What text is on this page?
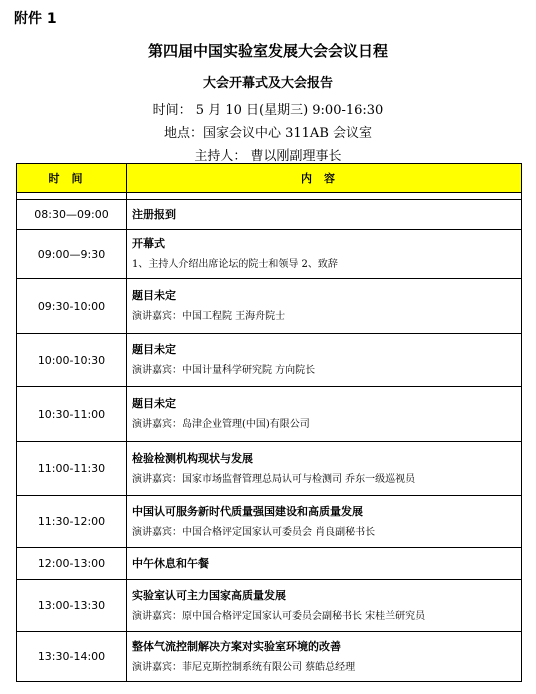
附件 1
第四届中国实验室发展大会会议日程
大会开幕式及大会报告
时间： 5 月 10 日(星期三) 9:00-16:30
地点：国家会议中心 311AB 会议室
主持人： 曹以刚副理事长
时间	内容

08:30—09:00	注册报到

09:00—9:30	开幕式
1、主持人介绍出席论坛的院士和领导 2、致辞

09:30-10:00	题目未定
演讲嘉宾：中国工程院 王海舟院士

10:00-10:30	题目未定
演讲嘉宾：中国计量科学研究院 方向院长

10:30-11:00	题目未定
演讲嘉宾：岛津企业管理(中国)有限公司

11:00-11:30	检验检测机构现状与发展
演讲嘉宾：国家市场监督管理总局认可与检测司 乔东一级巡视员

11:30-12:00	中国认可服务新时代质量强国建设和高质量发展
演讲嘉宾：中国合格评定国家认可委员会 肖良副秘书长

12:00-13:00	中午休息和午餐

13:00-13:30	实验室认可主力国家高质量发展
演讲嘉宾：原中国合格评定国家认可委员会副秘书长 宋桂兰研究员

13:30-14:00	整体气流控制解决方案对实验室环境的改善
演讲嘉宾：菲尼克斯控制系统有限公司 蔡皓总经理
